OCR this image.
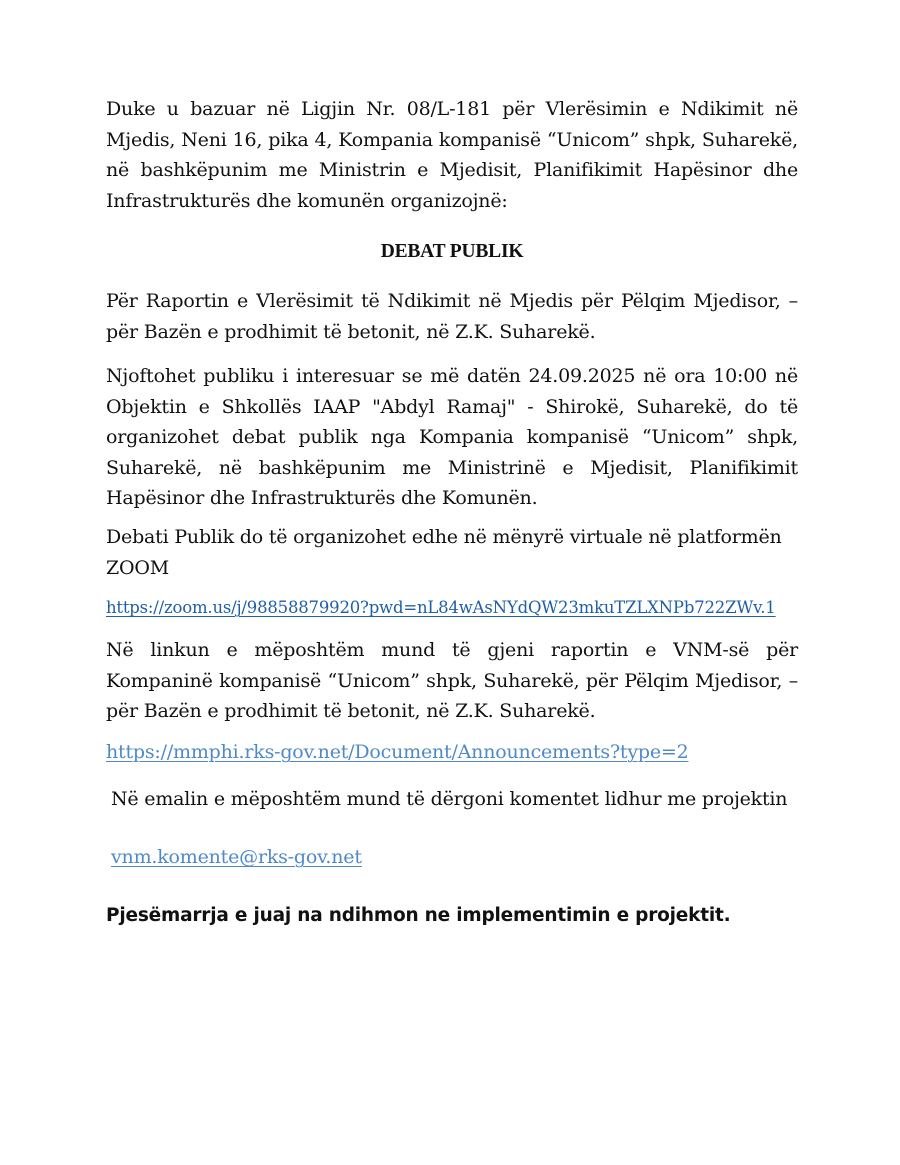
Duke u bazuar në Ligjin Nr. 08/L-181 për Vlerësimin e Ndikimit në Mjedis, Neni 16, pika 4, Kompania kompanisë “Unicom” shpk, Suharekë, në bashkëpunim me Ministrin e Mjedisit, Planifikimit Hapësinor dhe Infrastrukturës dhe komunën organizojnë:

DEBAT PUBLIK

Për Raportin e Vlerësimit të Ndikimit në Mjedis për Pëlqim Mjedisor, – për Bazën e prodhimit të betonit, në Z.K. Suharekë.

Njoftohet publiku i interesuar se më datën 24.09.2025 në ora 10:00 në Objektin e Shkollës IAAP "Abdyl Ramaj" - Shirokë, Suharekë, do të organizohet debat publik nga Kompania kompanisë “Unicom” shpk, Suharekë, në bashkëpunim me Ministrinë e Mjedisit, Planifikimit Hapësinor dhe Infrastrukturës dhe Komunën.

Debati Publik do të organizohet edhe në mënyrë virtuale në platformën ZOOM

https://zoom.us/j/98858879920?pwd=nL84wAsNYdQW23mkuTZLXNPb722ZWv.1

Në linkun e mëposhtëm mund të gjeni raportin e VNM-së për Kompaninë kompanisë “Unicom” shpk, Suharekë, për Pëlqim Mjedisor, – për Bazën e prodhimit të betonit, në Z.K. Suharekë.

https://mmphi.rks-gov.net/Document/Announcements?type=2

Në emalin e mëposhtëm mund të dërgoni komentet lidhur me projektin

vnm.komente@rks-gov.net

Pjesëmarrja e juaj na ndihmon ne implementimin e projektit.
